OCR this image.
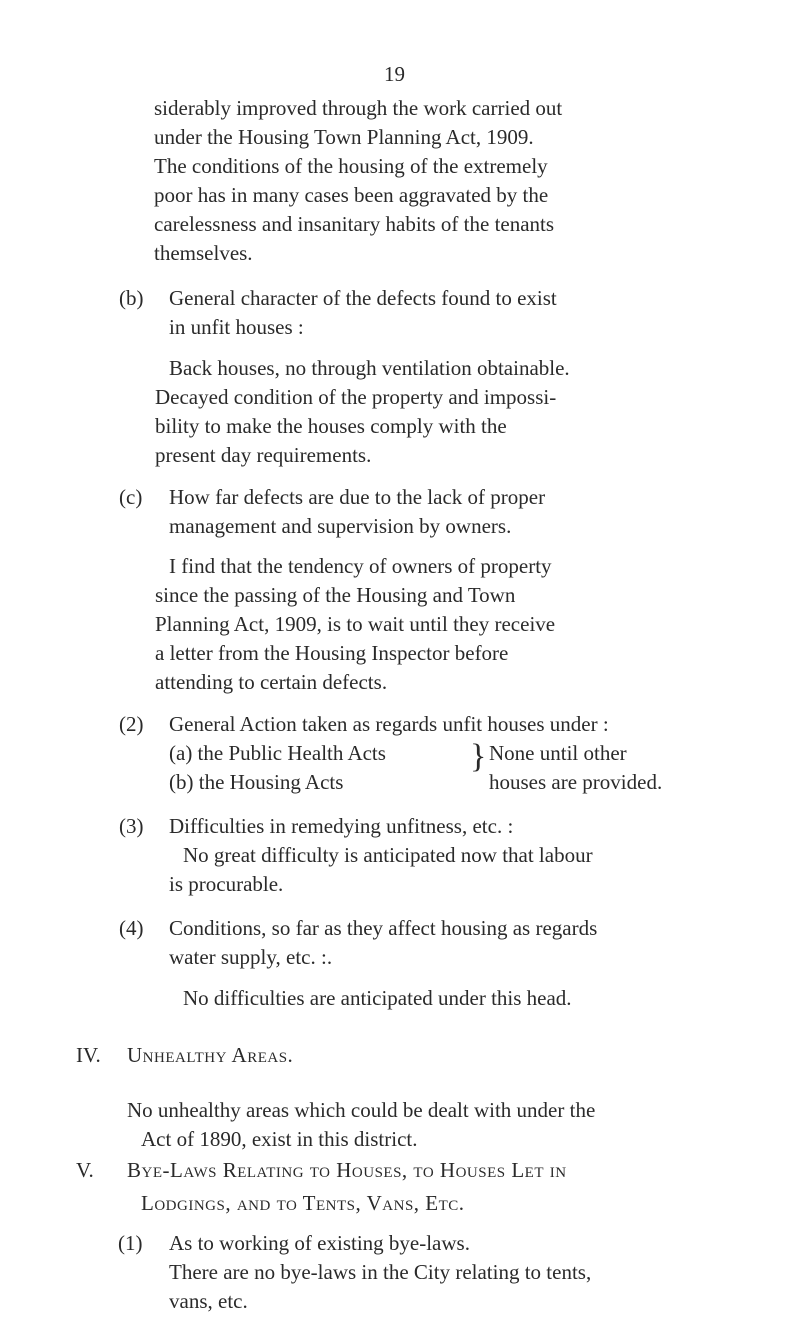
19

siderably improved through the work carried out

under the Housing Town Planning Act, 1909.

The conditions of the housing of the extremely

poor has in many cases been aggravated by the

carelessness and insanitary habits of the tenants

themselves.

(b) General character of the defects found to exist

in unfit houses :

Back houses, no through ventilation obtainable.

Decayed condition of the property and impossi-

bility to make the houses comply with the

present day requirements.

(c) How far defects are due to the lack of proper

management and supervision by owners.

I find that the tendency of owners of property

since the passing of the Housing and Town

Planning Act, 1909, is to wait until they receive

a letter from the Housing Inspector before

attending to certain defects.

(2) General Action taken as regards unfit houses under :
(a) the Public Health Acts
(b) the Housing Acts
} None until other
houses are provided.
(3) Difficulties in remedying unfitness, etc. :

No great difficulty is anticipated now that labour

is procurable.

(4) Conditions, so far as they affect housing as regards

water supply, etc. :.

No difficulties are anticipated under this head.
IV. Unhealthy Areas.

No unhealthy areas which could be dealt with under the

Act of 1890, exist in this district.

V. Bye-Laws Relating to Houses, to Houses Let in

Lodgings, and to Tents, Vans, Etc.

(1) As to working of existing bye-laws.

There are no bye-laws in the City relating to tents,

vans, etc.
